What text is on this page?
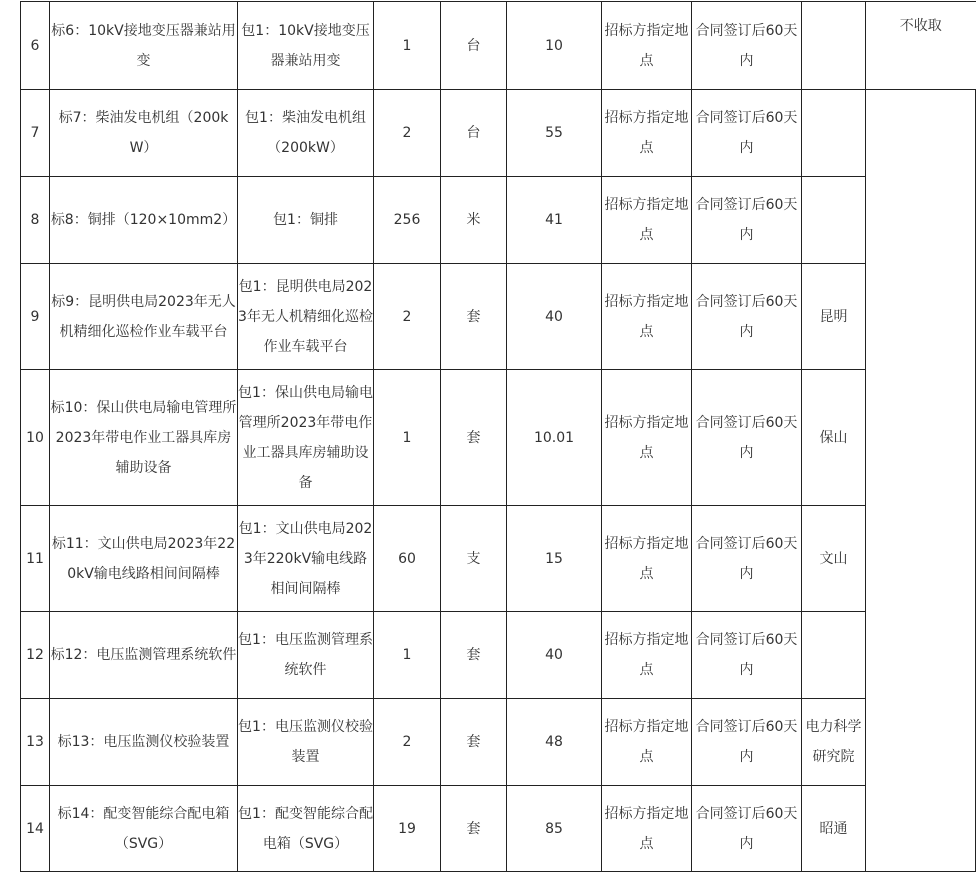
6	标6：10kV接地变压器兼站用变	包1：10kV接地变压器兼站用变	1	台	10	招标方指定地点	合同签订后60天内		不收取
7	标7：柴油发电机组（200kW）	包1：柴油发电机组（200kW）	2	台	55	招标方指定地点	合同签订后60天内		
8	标8：铜排（120×10mm2）	包1：铜排	256	米	41	招标方指定地点	合同签订后60天内		
9	标9：昆明供电局2023年无人机精细化巡检作业车载平台	包1：昆明供电局2023年无人机精细化巡检作业车载平台	2	套	40	招标方指定地点	合同签订后60天内	昆明	
10	标10：保山供电局输电管理所2023年带电作业工器具库房辅助设备	包1：保山供电局输电管理所2023年带电作业工器具库房辅助设备	1	套	10.01	招标方指定地点	合同签订后60天内	保山	
11	标11：文山供电局2023年220kV输电线路相间间隔棒	包1：文山供电局2023年220kV输电线路相间间隔棒	60	支	15	招标方指定地点	合同签订后60天内	文山	
12	标12：电压监测管理系统软件	包1：电压监测管理系统软件	1	套	40	招标方指定地点	合同签订后60天内		
13	标13：电压监测仪校验装置	包1：电压监测仪校验装置	2	套	48	招标方指定地点	合同签订后60天内	电力科学研究院	
14	标14：配变智能综合配电箱（SVG）	包1：配变智能综合配电箱（SVG）	19	套	85	招标方指定地点	合同签订后60天内	昭通	
